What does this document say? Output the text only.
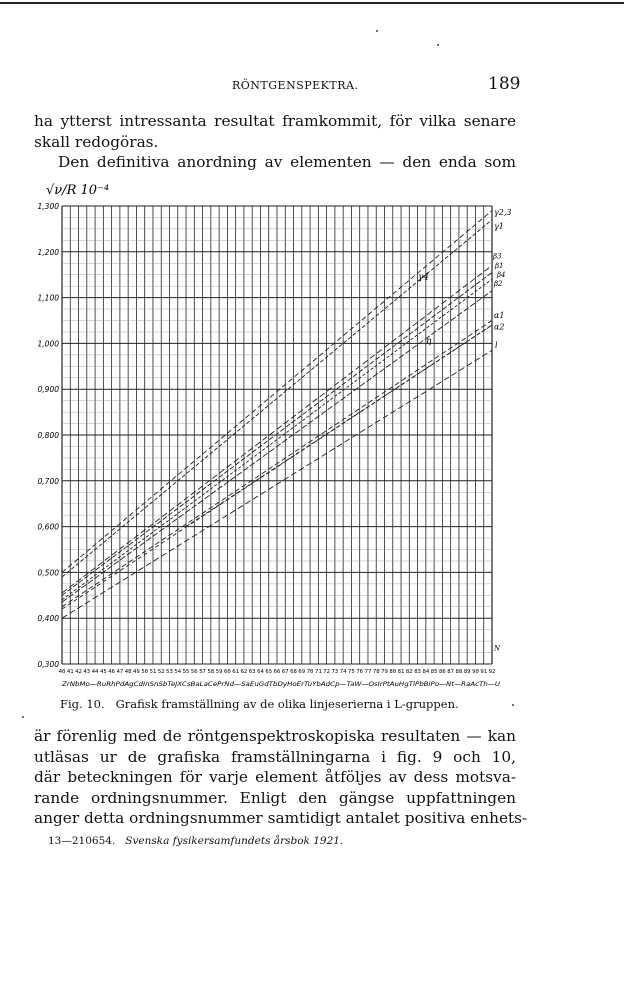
RÖNTGENSPEKTRA.	189
ha ytterst intressanta resultat framkommit, för vilka senare
skall redogöras.
Den definitiva anordning av elementen — den enda som
√ν/R 10⁻⁴
0,300
0,400
0,500
0,600
0,700
0,800
0,900
1,000
1,100
1,200
1,300
γ2,3
γ1
γ4
β3
β1
β4
β2
α1
α2
η	l
N
40 41 42 43 44 45 46 47 48 49 50 51 52 53 54 55 56 57 58 59 60 61 62 63 64 65 66 67 68 69 70 71 72 73 74 75 76 77 78 79 80 81 82 83 84 85 86 87 88 89 90 91 92
ZrNbMo—RuRhPdAgCdInSnSbTeJXCsBaLaCePrNd—SaEuGdTbDyHoErTuYbAdCp—TaW—OsIrPtAuHgTlPbBiPo—Nt—RaAcTh—U
Fig. 10. Grafisk framställning av de olika linjeserierna i L-gruppen.
är förenlig med de röntgenspektroskopiska resultaten — kan
utläsas ur de grafiska framställningarna i fig. 9 och 10,
där beteckningen för varje element åtföljes av dess motsva-
rande ordningsnummer. Enligt den gängse uppfattningen
anger detta ordningsnummer samtidigt antalet positiva enhets-
13—210654. Svenska fysikersamfundets årsbok 1921.
